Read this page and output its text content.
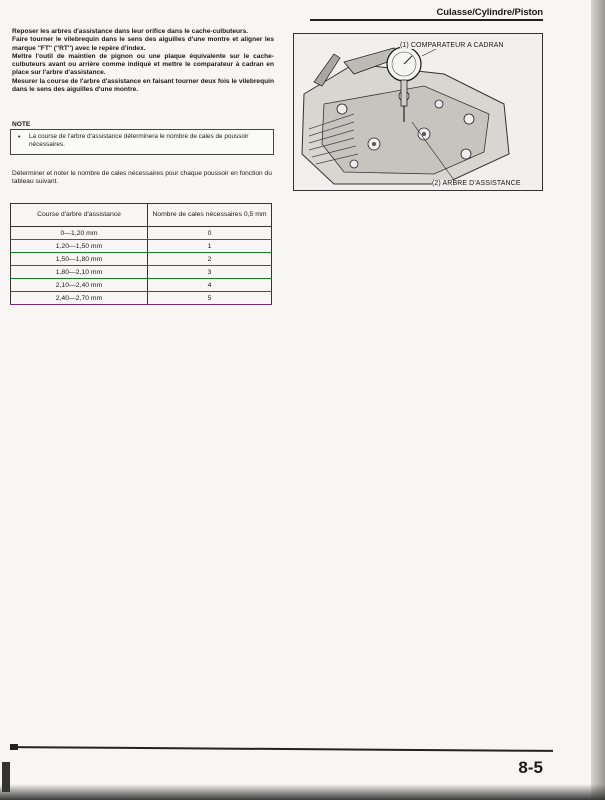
Culasse/Cylindre/Piston

Reposer les arbres d'assistance dans leur orifice dans le cache-culbuteurs.

Faire tourner le vilebrequin dans le sens des aiguilles d'une montre et aligner les marque ''FT'' (''RT'') avec le repère d'index.

Mettre l'outil de maintien de pignon ou une plaque équivalente sur le cache-culbuteurs avant ou arrière comme indiqué et mettre le comparateur à cadran en place sur l'arbre d'assistance.

Mesurer la course de l'arbre d'assistance en faisant tourner deux fois le vilebrequin dans le sens des aiguilles d'une montre.

NOTE
• La course de l'arbre d'assistance déterminera le nombre de cales de poussoir nécessaires.
Déterminer et noter le nombre de cales nécessaires pour chaque poussoir en fonction du tableau suivant.
(1) COMPARATEUR A CADRAN
(2) ARBRE D'ASSISTANCE
Course d'arbre d'assistance	Nombre de cales nécessaires 0,5 mm
0—1,20 mm	0
1,20—1,50 mm	1
1,50—1,80 mm	2
1,80—2,10 mm	3
2,10—2,40 mm	4
2,40—2,70 mm	5
8-5
